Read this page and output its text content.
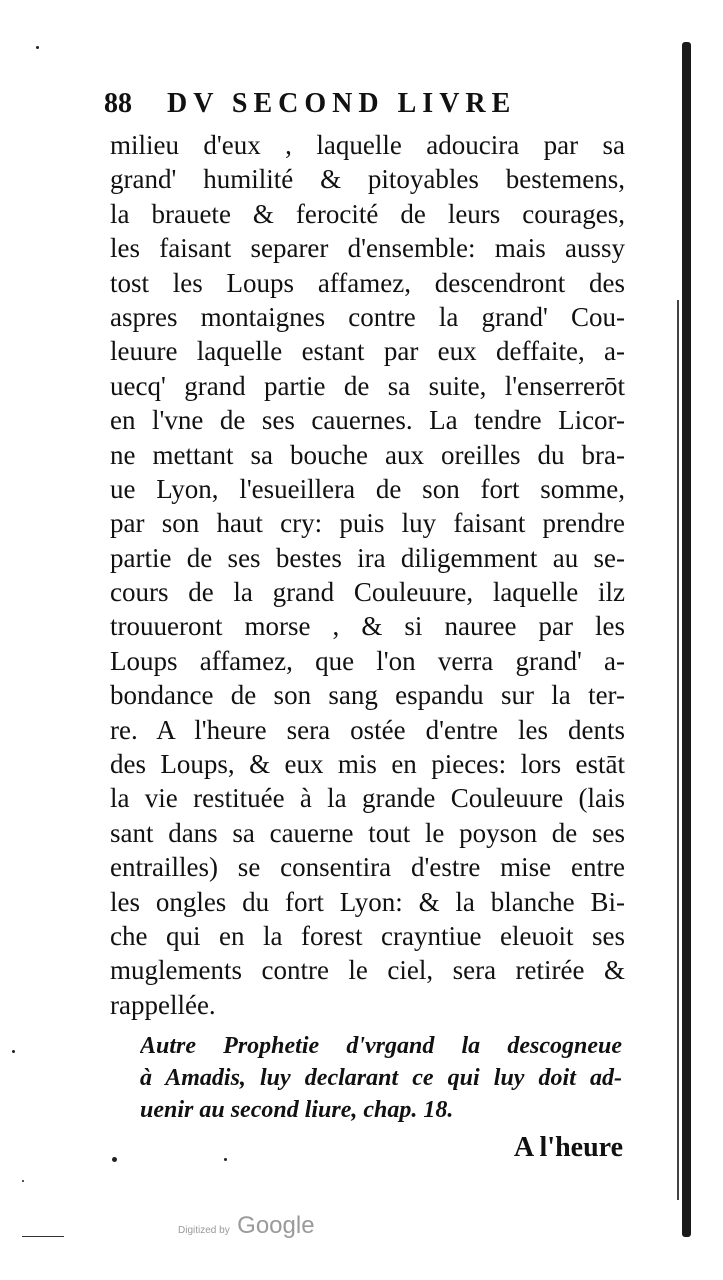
88 DV SECOND LIVRE
milieu d'eux , laquelle adoucira par sa
grand' humilité & pitoyables bestemens,
la brauete & ferocité de leurs courages,
les faisant separer d'ensemble: mais aussy
tost les Loups affamez, descendront des
aspres montaignes contre la grand' Cou-
leuure laquelle estant par eux deffaite, a-
uecq' grand partie de sa suite, l'enserrerōt
en l'vne de ses cauernes. La tendre Licor-
ne mettant sa bouche aux oreilles du bra-
ue Lyon, l'esueillera de son fort somme,
par son haut cry: puis luy faisant prendre
partie de ses bestes ira diligemment au se-
cours de la grand Couleuure, laquelle ilz
trouueront morse , & si nauree par les
Loups affamez, que l'on verra grand' a-
bondance de son sang espandu sur la ter-
re. A l'heure sera ostée d'entre les dents
des Loups, & eux mis en pieces: lors estāt
la vie restituée à la grande Couleuure (lais
sant dans sa cauerne tout le poyson de ses
entrailles) se consentira d'estre mise entre
les ongles du fort Lyon: & la blanche Bi-
che qui en la forest crayntiue eleuoit ses
muglements contre le ciel, sera retirée &
rappellée.
Autre Prophetie d'vrgand la descogneue
à Amadis, luy declarant ce qui luy doit ad-
uenir au second liure, chap. 18.
A l'heure
Digitized by Google
